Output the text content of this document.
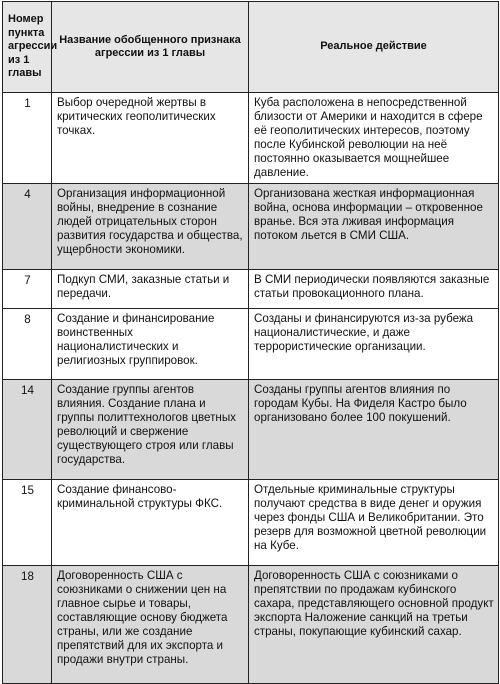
Номер пункта агрессии из 1 главы	Название обобщенного признака агрессии из 1 главы	Реальное действие
1	Выбор очередной жертвы в критических геополитических точках.	Куба расположена в непосредственной близости от Америки и находится в сфере её геополитических интересов, поэтому после Кубинской революции на неё постоянно оказывается мощнейшее давление.
4	Организация информационной войны, внедрение в сознание людей отрицательных сторон развития государства и общества, ущербности экономики.	Организована жесткая информационная война, основа информации – откровенное вранье. Вся эта лживая информация потоком льется в СМИ США.
7	Подкуп СМИ, заказные статьи и передачи.	В СМИ периодически появляются заказные статьи провокационного плана.
8	Создание и финансирование воинственных националистических и религиозных группировок.	Созданы и финансируются из-за рубежа националистические, и даже террористические организации.
14	Создание группы агентов влияния. Создание плана и группы политтехнологов цветных революций и свержение существующего строя или главы государства.	Созданы группы агентов влияния по городам Кубы. На Фиделя Кастро было организовано более 100 покушений.
15	Создание финансово-криминальной структуры ФКС.	Отдельные криминальные структуры получают средства в виде денег и оружия через фонды США и Великобритании. Это резерв для возможной цветной революции на Кубе.
18	Договоренность США с союзниками о снижении цен на главное сырье и товары, составляющие основу бюджета страны, или же создание препятствий для их экспорта и продажи внутри страны.	Договоренность США с союзниками о препятствии по продажам кубинского сахара, представляющего основной продукт экспорта Наложение санкций на третьи страны, покупающие кубинский сахар.
